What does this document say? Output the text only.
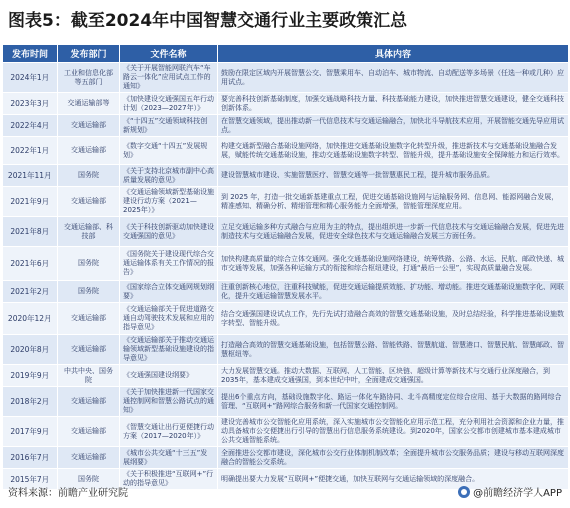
图表5：截至2024年中国智慧交通行业主要政策汇总
发布时间	发布部门	文件名称	具体内容
2024年1月	工业和信息化部等五部门	《关于开展智能网联汽车“车路云一体化”应用试点工作的通知》	鼓励在限定区域内开展智慧公交、智慧乘用车、自动泊车、城市物流、自动配送等多场景（任选一种或几种）应用试点。
2023年3月	交通运输部等	《加快建设交通强国五年行动计划（2023—2027年）》	要完善科技创新基础制度，加强交通战略科技力量、科技基础能力建设，加快推进智慧交通建设，健全交通科技创新体系。
2022年4月	交通运输部	《“十四五”交通领域科技创新规划》	在智慧交通领域，提出推动新一代信息技术与交通运输融合，加快北斗导航技术应用，开展智能交通先导应用试点。
2022年1月	交通运输部	《数字交通“十四五”发展规划》	构建交通新型融合基础设施网络，加快推进交通基础设施数字化转型升级，推进新技术与交通基础设施融合发展，赋能传统交通基础设施，推动交通基础设施数字转型、智能升级，提升基础设施安全保障能力和运行效率。
2021年11月	国务院	《关于支持北京城市副中心高质量发展的意见》	建设智慧城市建设、实施智慧医疗、智慧交通等一批智慧惠民工程，提升城市服务品质。
2021年9月	交通运输部	《交通运输领域新型基础设施建设行动方案（2021—2025年）》	到 2025 年，打造一批交通新基建重点工程，促进交通基础设施网与运输服务网、信息网、能源网融合发展，精准感知、精确分析、精细管理和精心服务能力全面增强，智能管理深度应用。
2021年8月	交通运输部、科技部	《关于科技创新驱动加快建设交通强国的意见》	立足交通运输多种方式融合与应用为主的特点，提出组织进一步新一代信息技术与交通运输融合发展，促进先进制造技术与交通运输融合发展，促进安全绿色技术与交通运输融合发展三方面任务。
2021年6月	国务院	《国务院关于建设现代综合交通运输体系有关工作情况的报告》	加快构建高质量的综合立体交通网。强化交通基础设施网络建设，统筹铁路、公路、水运、民航、邮政快递、城市交通等发展，加强各种运输方式的衔接和综合枢纽建设，打通“最后一公里”，实现高质量融合发展。
2021年2月	国务院	《国家综合立体交通网规划纲要》	注重创新核心地位，注重科技赋能，促进交通运输提质效能、扩功能、增动能。推进交通基础设施数字化、网联化，提升交通运输智慧发展水平。
2020年12月	交通运输部	《交通运输部关于促进道路交通自动驾驶技术发展和应用的指导意见》	结合交通强国建设试点工作，先行先试打造融合高效的智慧交通基础设施，及时总结经验，科学推进基础设施数字转型、智能升级。
2020年8月	交通运输部	《交通运输部关于推动交通运输领域新型基础设施建设的指导意见》	打造融合高效的智慧交通基础设施，包括智慧公路、智能铁路、智慧航道、智慧港口、智慧民航、智慧邮政、智慧枢纽等。
2019年9月	中共中央、国务院	《交通强国建设纲要》	大力发展智慧交通。推动大数据、互联网、人工智能、区块链、超级计算等新技术与交通行业深度融合，到2035年，基本建成交通强国，到本世纪中叶，全面建成交通强国。
2018年2月	交通运输部	《关于加快推进新一代国家交通控制网和智慧公路试点的通知》	提出6个重点方向，基础设施数字化、路运一体化车路协同、北斗高精度定位综合应用、基于大数据的路网综合管理、“互联网+”路网综合服务和新一代国家交通控制网。
2017年9月	交通运输部	《智慧交通让出行更便捷行动方案（2017—2020年）》	建设完善城市公交智能化应用系统，深入实施城市公交智能化应用示范工程，充分利用社会资源和企业力量，推动具备城市公交便捷出行引导的智慧出行信息服务系统建设。到2020年，国家公交都市创建城市基本建成城市公共交通智能系统。
2016年7月	交通运输部	《城市公共交通“十三五”发展纲要》	全面推进公交都市建设，深化城市公交行业体制机制改革；全面提升城市公交服务品质；建设与移动互联网深度融合的智能公交系统。
2015年7月	国务院	《关于积极推进“互联网+”行动的指导意见》	明确提出要大力发展“互联网+”便捷交通，加快互联网与交通运输领域的深度融合。
资料来源：前瞻产业研究院	@前瞻经济学人APP
